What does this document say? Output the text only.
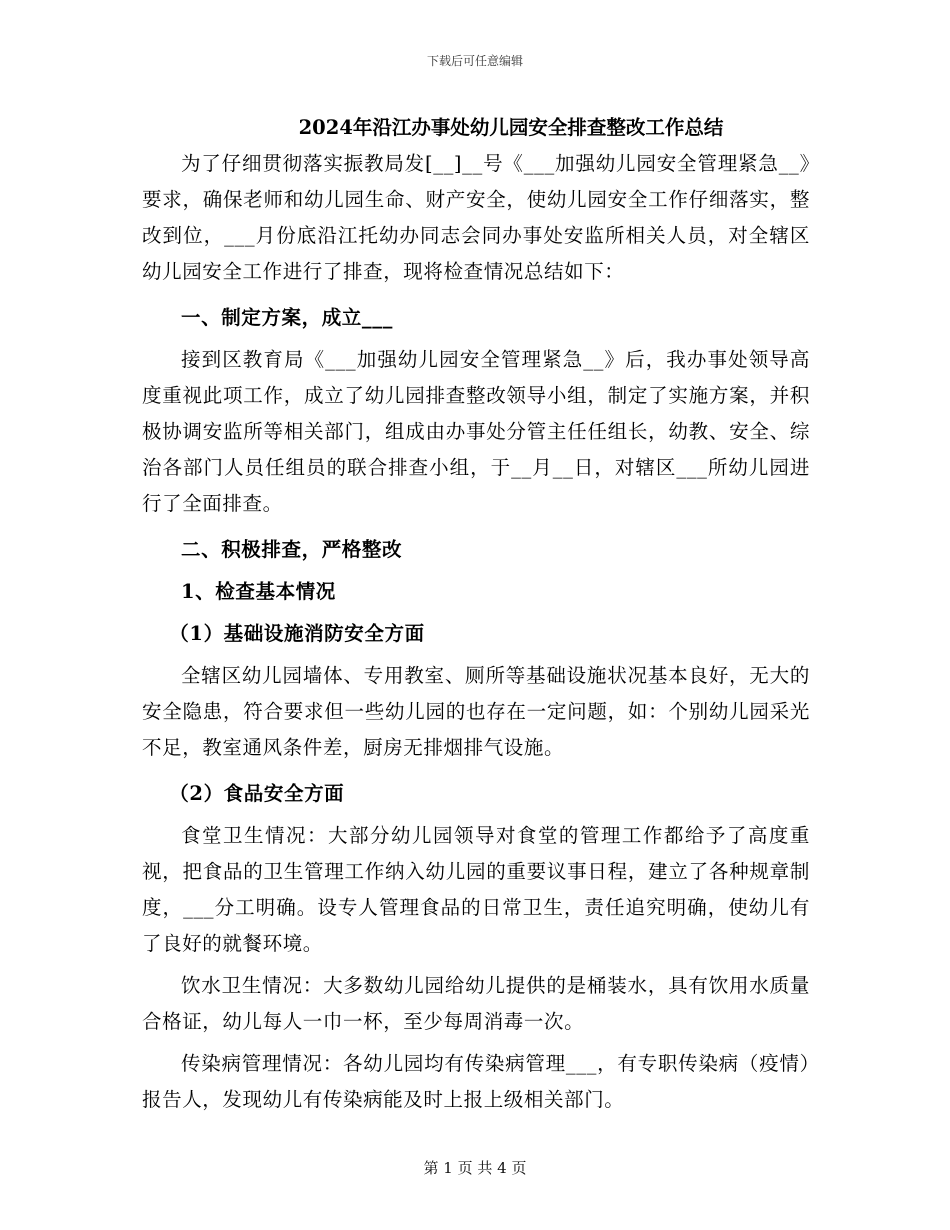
下载后可任意编辑
2024年沿江办事处幼儿园安全排查整改工作总结

为了仔细贯彻落实振教局发[__]__号《___加强幼儿园安全管理紧急__》要求，确保老师和幼儿园生命、财产安全，使幼儿园安全工作仔细落实，整改到位，___月份底沿江托幼办同志会同办事处安监所相关人员，对全辖区幼儿园安全工作进行了排查，现将检查情况总结如下：

一、制定方案，成立___

接到区教育局《___加强幼儿园安全管理紧急__》后，我办事处领导高度重视此项工作，成立了幼儿园排查整改领导小组，制定了实施方案，并积极协调安监所等相关部门，组成由办事处分管主任任组长，幼教、安全、综治各部门人员任组员的联合排查小组，于__月__日，对辖区___所幼儿园进行了全面排查。

二、积极排查，严格整改
1、检查基本情况
（1）基础设施消防安全方面

全辖区幼儿园墙体、专用教室、厕所等基础设施状况基本良好，无大的安全隐患，符合要求但一些幼儿园的也存在一定问题，如：个别幼儿园采光不足，教室通风条件差，厨房无排烟排气设施。

（2）食品安全方面

食堂卫生情况：大部分幼儿园领导对食堂的管理工作都给予了高度重视，把食品的卫生管理工作纳入幼儿园的重要议事日程，建立了各种规章制度，___分工明确。设专人管理食品的日常卫生，责任追究明确，使幼儿有了良好的就餐环境。

饮水卫生情况：大多数幼儿园给幼儿提供的是桶装水，具有饮用水质量合格证，幼儿每人一巾一杯，至少每周消毒一次。

传染病管理情况：各幼儿园均有传染病管理___，有专职传染病（疫情）报告人，发现幼儿有传染病能及时上报上级相关部门。

第 1 页 共 4 页
